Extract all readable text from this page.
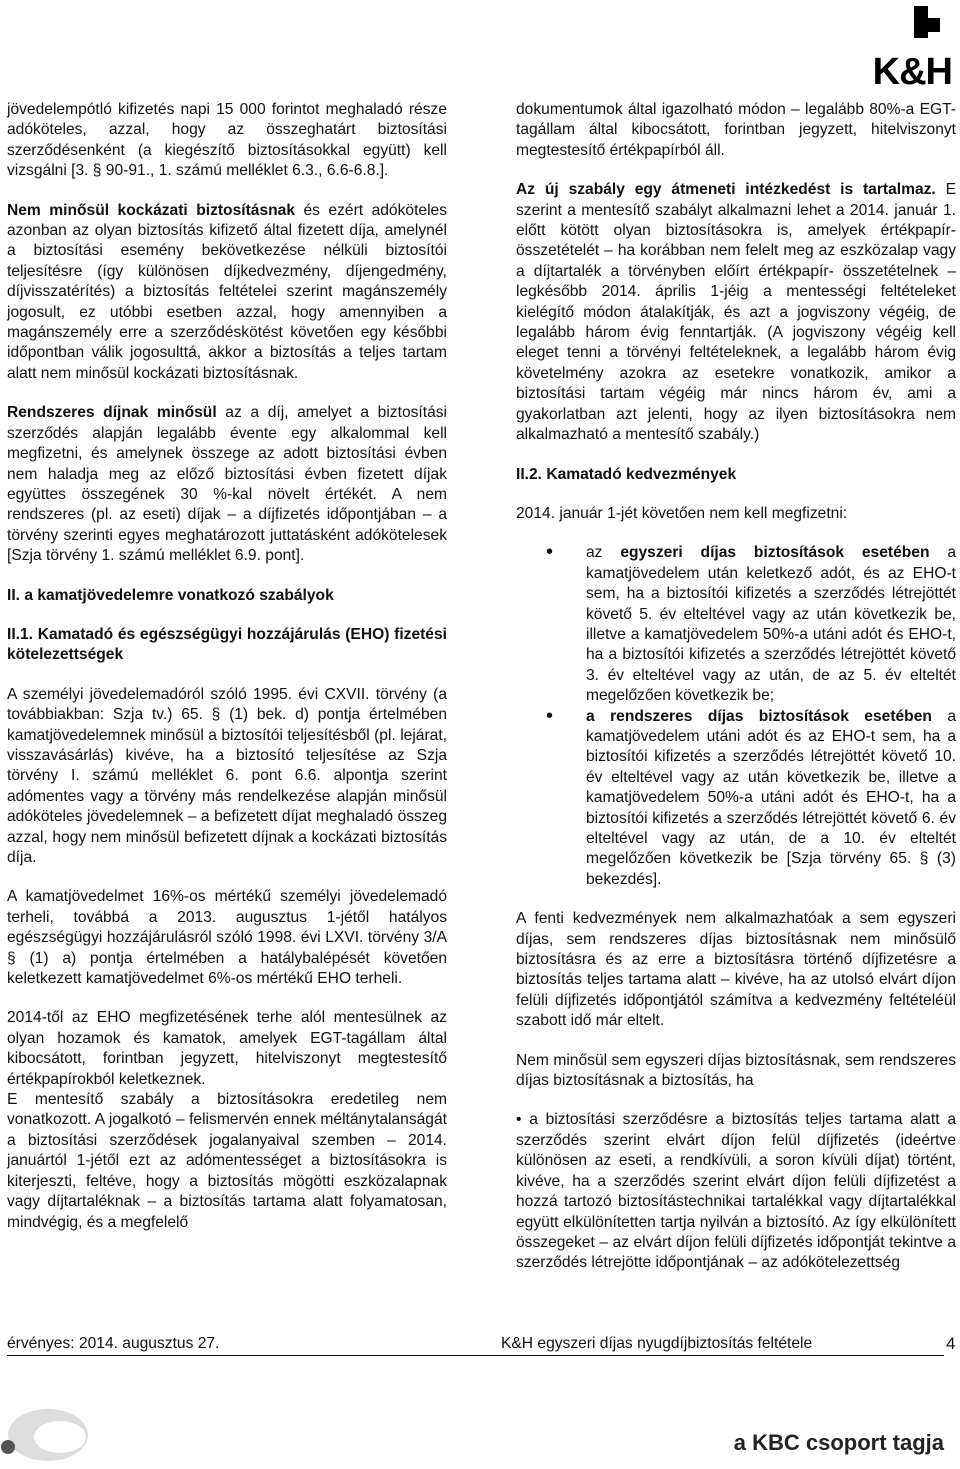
K&H

jövedelempótló kifizetés napi 15 000 forintot meghaladó része adóköteles, azzal, hogy az összeghatárt biztosítási szerződésenként (a kiegészítő biztosításokkal együtt) kell vizsgálni [3. § 90-91., 1. számú melléklet 6.3., 6.6-6.8.].

Nem minősül kockázati biztosításnak és ezért adóköteles azonban az olyan biztosítás kifizető által fizetett díja, amelynél a biztosítási esemény bekövetkezése nélküli biztosítói teljesítésre (így különösen díjkedvezmény, díjengedmény, díjvisszatérítés) a biztosítás feltételei szerint magánszemély jogosult, ez utóbbi esetben azzal, hogy amennyiben a magánszemély erre a szerződéskötést követően egy későbbi időpontban válik jogosulttá, akkor a biztosítás a teljes tartam alatt nem minősül kockázati biztosításnak.

Rendszeres díjnak minősül az a díj, amelyet a biztosítási szerződés alapján legalább évente egy alkalommal kell megfizetni, és amelynek összege az adott biztosítási évben nem haladja meg az előző biztosítási évben fizetett díjak együttes összegének 30 %-kal növelt értékét. A nem rendszeres (pl. az eseti) díjak – a díjfizetés időpontjában – a törvény szerinti egyes meghatározott juttatásként adókötelesek [Szja törvény 1. számú melléklet 6.9. pont].

II. a kamatjövedelemre vonatkozó szabályok

II.1. Kamatadó és egészségügyi hozzájárulás (EHO) fizetési kötelezettségek

A személyi jövedelemadóról szóló 1995. évi CXVII. törvény (a továbbiakban: Szja tv.) 65. § (1) bek. d) pontja értelmében kamatjövedelemnek minősül a biztosítói teljesítésből (pl. lejárat, visszavásárlás) kivéve, ha a biztosító teljesítése az Szja törvény I. számú melléklet 6. pont 6.6. alpontja szerint adómentes vagy a törvény más rendelkezése alapján minősül adóköteles jövedelemnek – a befizetett díjat meghaladó összeg azzal, hogy nem minősül befizetett díjnak a kockázati biztosítás díja.

A kamatjövedelmet 16%-os mértékű személyi jövedelemadó terheli, továbbá a 2013. augusztus 1-jétől hatályos egészségügyi hozzájárulásról szóló 1998. évi LXVI. törvény 3/A § (1) a) pontja értelmében a hatálybalépését követően keletkezett kamatjövedelmet 6%-os mértékű EHO terheli.

2014-től az EHO megfizetésének terhe alól mentesülnek az olyan hozamok és kamatok, amelyek EGT-tagállam által kibocsátott, forintban jegyzett, hitelviszonyt megtestesítő értékpapírokból keletkeznek.

E mentesítő szabály a biztosításokra eredetileg nem vonatkozott. A jogalkotó – felismervén ennek méltánytalanságát a biztosítási szerződések jogalanyaival szemben – 2014. januártól 1-jétől ezt az adómentességet a biztosításokra is kiterjeszti, feltéve, hogy a biztosítás mögötti eszközalapnak vagy díjtartaléknak – a biztosítás tartama alatt folyamatosan, mindvégig, és a megfelelő

dokumentumok által igazolható módon – legalább 80%-a EGT-tagállam által kibocsátott, forintban jegyzett, hitelviszonyt megtestesítő értékpapírból áll.

Az új szabály egy átmeneti intézkedést is tartalmaz. E szerint a mentesítő szabályt alkalmazni lehet a 2014. január 1. előtt kötött olyan biztosításokra is, amelyek értékpapír-összetételét – ha korábban nem felelt meg az eszközalap vagy a díjtartalék a törvényben előírt értékpapír- összetételnek – legkésőbb 2014. április 1-jéig a mentességi feltételeket kielégítő módon átalakítják, és azt a jogviszony végéig, de legalább három évig fenntartják. (A jogviszony végéig kell eleget tenni a törvényi feltételeknek, a legalább három évig követelmény azokra az esetekre vonatkozik, amikor a biztosítási tartam végéig már nincs három év, ami a gyakorlatban azt jelenti, hogy az ilyen biztosításokra nem alkalmazható a mentesítő szabály.)

II.2. Kamatadó kedvezmények

2014. január 1-jét követően nem kell megfizetni:

• az egyszeri díjas biztosítások esetében a kamatjövedelem után keletkező adót, és az EHO-t sem, ha a biztosítói kifizetés a szerződés létrejöttét követő 5. év elteltével vagy az után következik be, illetve a kamatjövedelem 50%-a utáni adót és EHO-t, ha a biztosítói kifizetés a szerződés létrejöttét követő 3. év elteltével vagy az után, de az 5. év elteltét megelőzően következik be;
• a rendszeres díjas biztosítások esetében a kamatjövedelem utáni adót és az EHO-t sem, ha a biztosítói kifizetés a szerződés létrejöttét követő 10. év elteltével vagy az után következik be, illetve a kamatjövedelem 50%-a utáni adót és EHO-t, ha a biztosítói kifizetés a szerződés létrejöttét követő 6. év elteltével vagy az után, de a 10. év elteltét megelőzően következik be [Szja törvény 65. § (3) bekezdés].

A fenti kedvezmények nem alkalmazhatóak a sem egyszeri díjas, sem rendszeres díjas biztosításnak nem minősülő biztosításra és az erre a biztosításra történő díjfizetésre a biztosítás teljes tartama alatt – kivéve, ha az utolsó elvárt díjon felüli díjfizetés időpontjától számítva a kedvezmény feltételéül szabott idő már eltelt.

Nem minősül sem egyszeri díjas biztosításnak, sem rendszeres díjas biztosításnak a biztosítás, ha

• a biztosítási szerződésre a biztosítás teljes tartama alatt a szerződés szerint elvárt díjon felül díjfizetés (ideértve különösen az eseti, a rendkívüli, a soron kívüli díjat) történt, kivéve, ha a szerződés szerint elvárt díjon felüli díjfizetést a hozzá tartozó biztosítástechnikai tartalékkal vagy díjtartalékkal együtt elkülönítetten tartja nyilván a biztosító. Az így elkülönített összegeket – az elvárt díjon felüli díjfizetés időpontját tekintve a szerződés létrejötte időpontjának – az adókötelezettség

érvényes: 2014. augusztus 27.	K&H egyszeri díjas nyugdíjbiztosítás feltétele	4
a KBC csoport tagja
